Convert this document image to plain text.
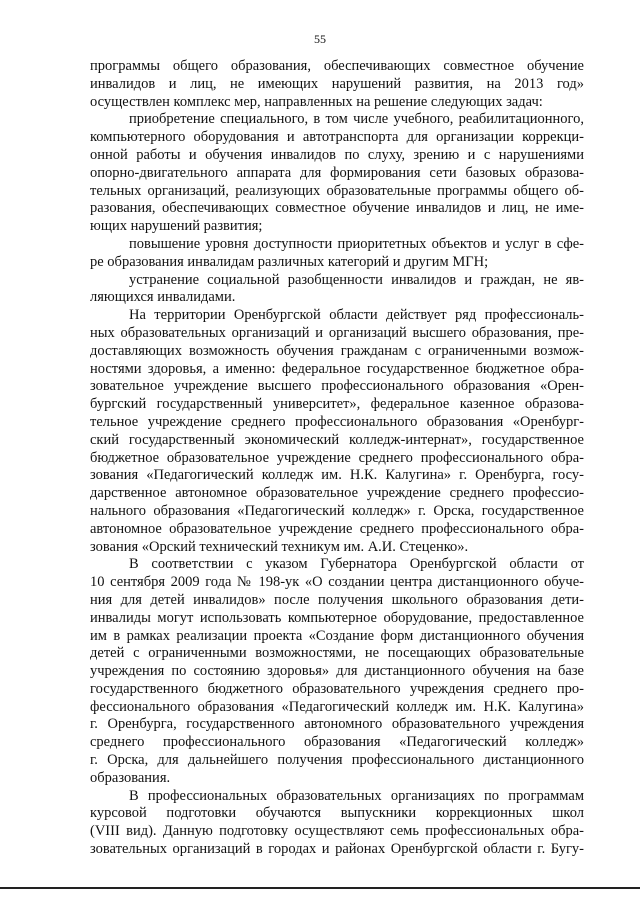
55
программы общего образования, обеспечивающих совместное обучение
инвалидов и лиц, не имеющих нарушений развития, на 2013 год»
осуществлен комплекс мер, направленных на решение следующих задач:
приобретение специального, в том числе учебного, реабилитационного,
компьютерного оборудования и автотранспорта для организации коррекци-
онной работы и обучения инвалидов по слуху, зрению и с нарушениями
опорно-двигательного аппарата для формирования сети базовых образова-
тельных организаций, реализующих образовательные программы общего об-
разования, обеспечивающих совместное обучение инвалидов и лиц, не име-
ющих нарушений развития;
повышение уровня доступности приоритетных объектов и услуг в сфе-
ре образования инвалидам различных категорий и другим МГН;
устранение социальной разобщенности инвалидов и граждан, не яв-
ляющихся инвалидами.
На территории Оренбургской области действует ряд профессиональ-
ных образовательных организаций и организаций высшего образования, пре-
доставляющих возможность обучения гражданам с ограниченными возмож-
ностями здоровья, а именно: федеральное государственное бюджетное обра-
зовательное учреждение высшего профессионального образования «Орен-
бургский государственный университет», федеральное казенное образова-
тельное учреждение среднего профессионального образования «Оренбург-
ский государственный экономический колледж-интернат», государственное
бюджетное образовательное учреждение среднего профессионального обра-
зования «Педагогический колледж им. Н.К. Калугина» г. Оренбурга, госу-
дарственное автономное образовательное учреждение среднего профессио-
нального образования «Педагогический колледж» г. Орска, государственное
автономное образовательное учреждение среднего профессионального обра-
зования «Орский технический техникум им. А.И. Стеценко».
В соответствии с указом Губернатора Оренбургской области от
10 сентября 2009 года № 198-ук «О создании центра дистанционного обуче-
ния для детей инвалидов» после получения школьного образования дети-
инвалиды могут использовать компьютерное оборудование, предоставленное
им в рамках реализации проекта «Создание форм дистанционного обучения
детей с ограниченными возможностями, не посещающих образовательные
учреждения по состоянию здоровья» для дистанционного обучения на базе
государственного бюджетного образовательного учреждения среднего про-
фессионального образования «Педагогический колледж им. Н.К. Калугина»
г. Оренбурга, государственного автономного образовательного учреждения
среднего профессионального образования «Педагогический колледж»
г. Орска, для дальнейшего получения профессионального дистанционного
образования.
В профессиональных образовательных организациях по программам
курсовой подготовки обучаются выпускники коррекционных школ
(VIII вид). Данную подготовку осуществляют семь профессиональных обра-
зовательных организаций в городах и районах Оренбургской области г. Бугу-
